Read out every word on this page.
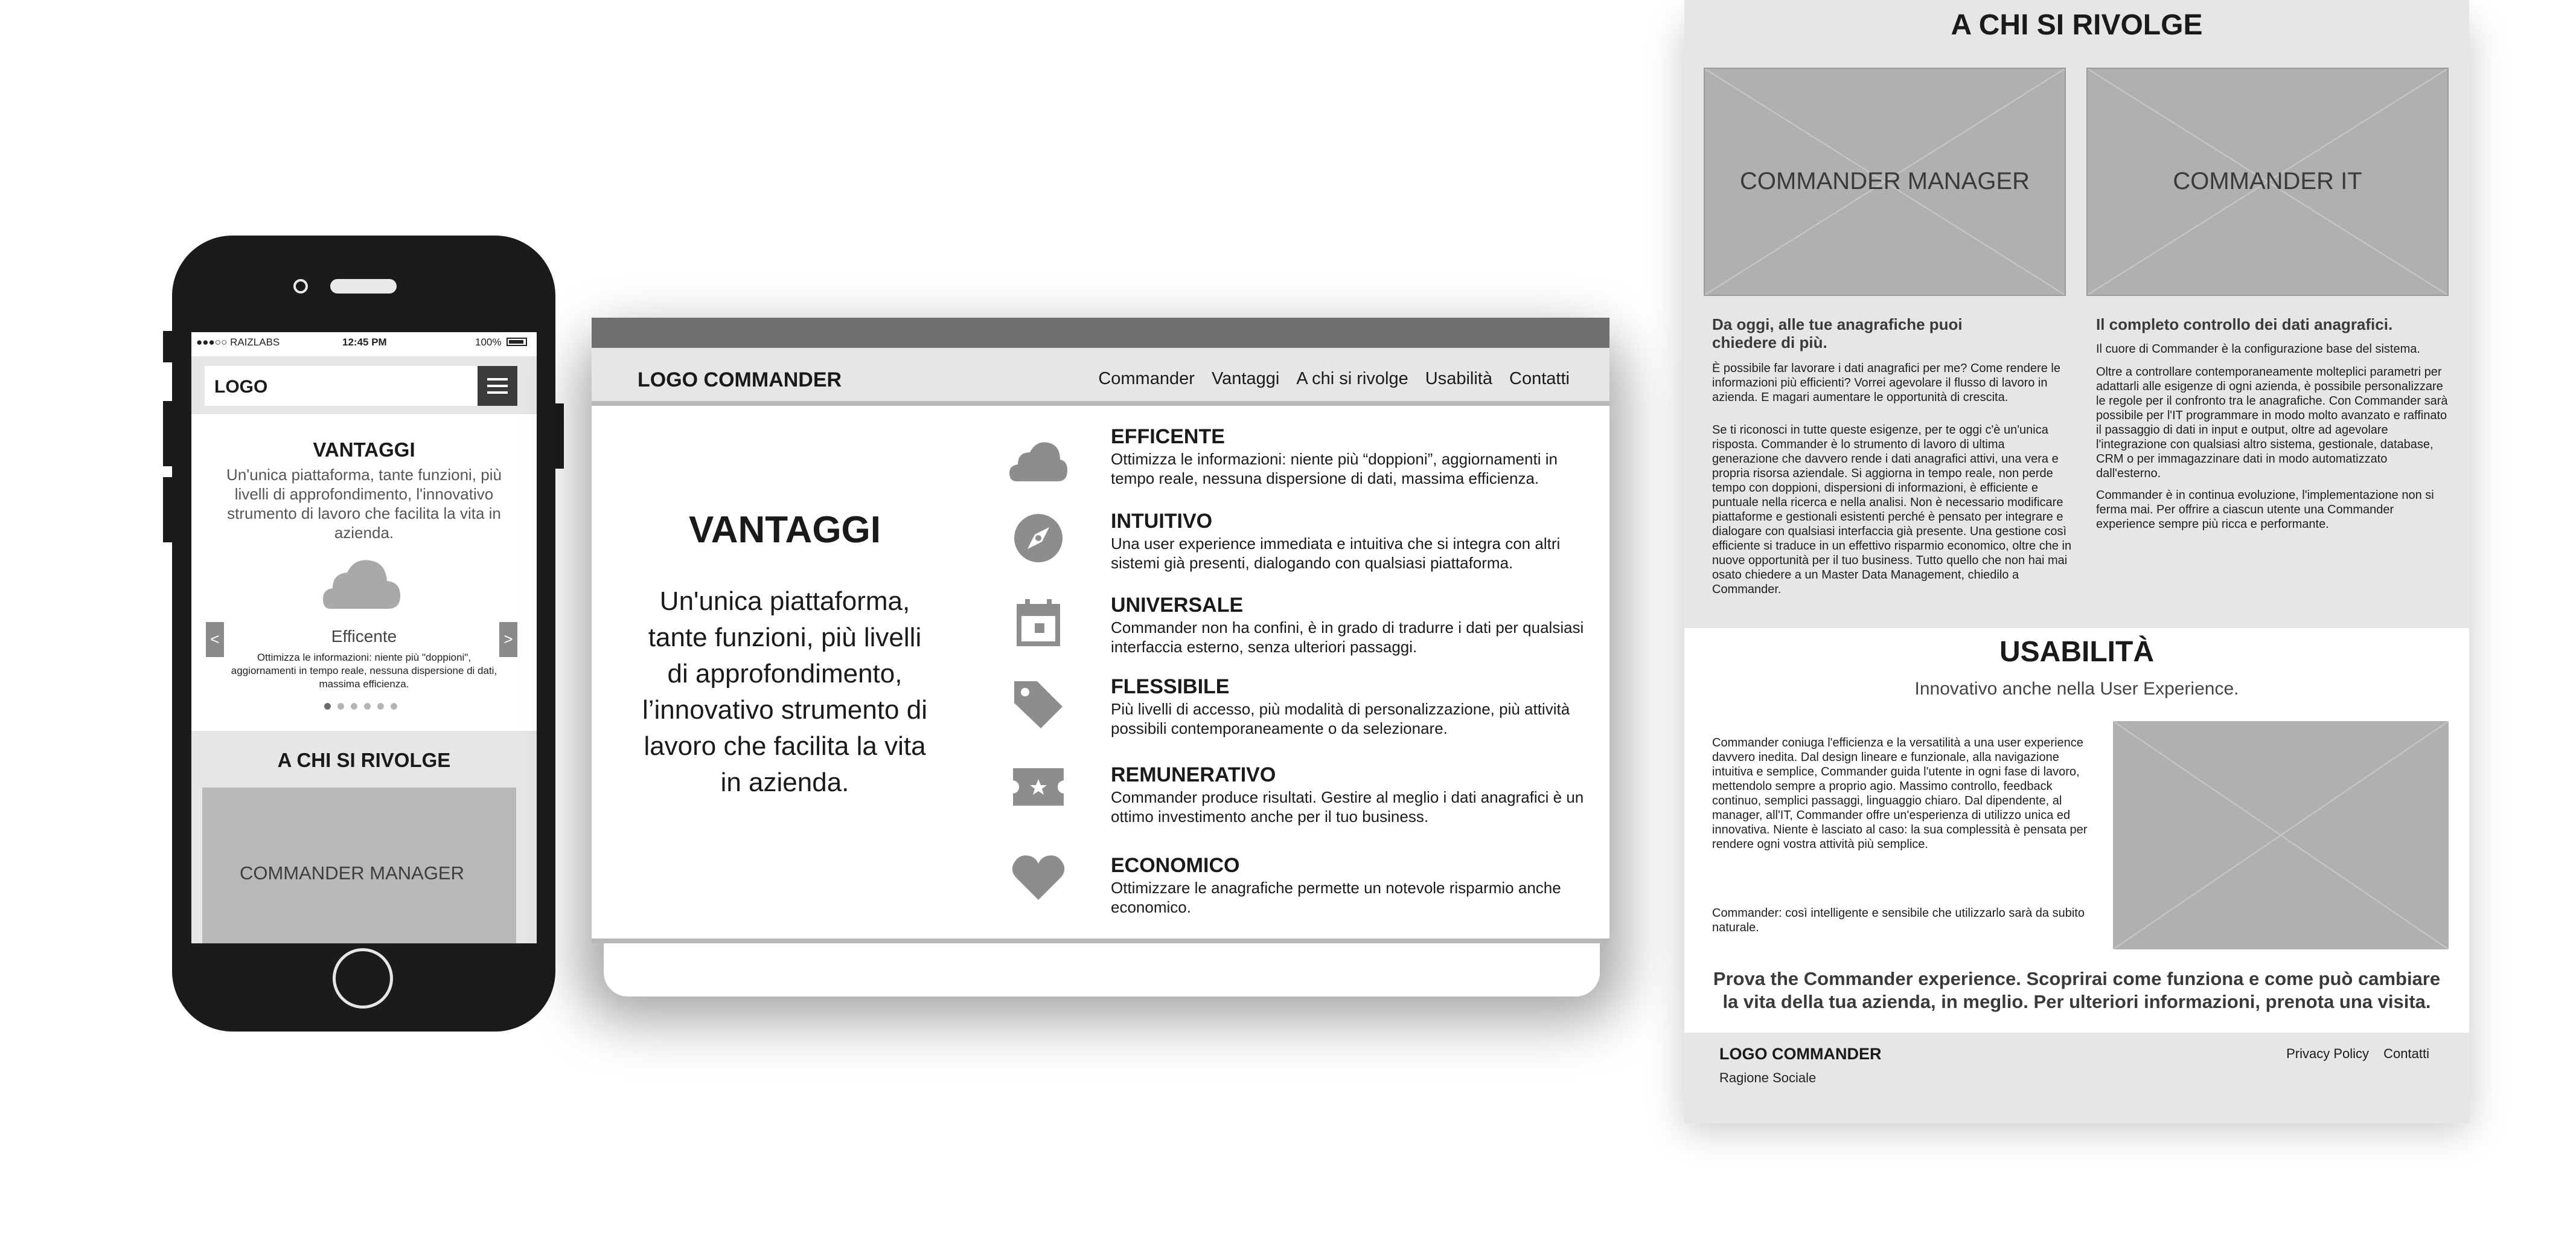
●●●○○ RAIZLABS	12:45 PM	100%
LOGO
VANTAGGI
Un'unica piattaforma, tante funzioni, più livelli di approfondimento, l'innovativo strumento di lavoro che facilita la vita in azienda.
<	>
Efficente
Ottimizza le informazioni: niente più "doppioni", aggiornamenti in tempo reale, nessuna dispersione di dati, massima efficienza.
A CHI SI RIVOLGE
COMMANDER MANAGER
LOGO COMMANDER	Commander Vantaggi A chi si rivolge Usabilità Contatti
VANTAGGI
Un'unica piattaforma, tante funzioni, più livelli di approfondimento, l’innovativo strumento di lavoro che facilita la vita in azienda.
EFFICENTE
Ottimizza le informazioni: niente più “doppioni”, aggiornamenti in tempo reale, nessuna dispersione di dati, massima efficienza.
INTUITIVO
Una user experience immediata e intuitiva che si integra con altri sistemi già presenti, dialogando con qualsiasi piattaforma.
UNIVERSALE
Commander non ha confini, è in grado di tradurre i dati per qualsiasi interfaccia esterno, senza ulteriori passaggi.
FLESSIBILE
Più livelli di accesso, più modalità di personalizzazione, più attività possibili contemporaneamente o da selezionare.
REMUNERATIVO
Commander produce risultati. Gestire al meglio i dati anagrafici è un ottimo investimento anche per il tuo business.
ECONOMICO
Ottimizzare le anagrafiche permette un notevole risparmio anche economico.
A CHI SI RIVOLGE
COMMANDER MANAGER	COMMANDER IT
Da oggi, alle tue anagrafiche puoi chiedere di più.
È possibile far lavorare i dati anagrafici per me? Come rendere le informazioni più efficienti? Vorrei agevolare il flusso di lavoro in azienda. E magari aumentare le opportunità di crescita.
Se ti riconosci in tutte queste esigenze, per te oggi c'è un'unica risposta. Commander è lo strumento di lavoro di ultima generazione che davvero rende i dati anagrafici attivi, una vera e propria risorsa aziendale. Si aggiorna in tempo reale, non perde tempo con doppioni, dispersioni di informazioni, è efficiente e puntuale nella ricerca e nella analisi. Non è necessario modificare piattaforme e gestionali esistenti perché è pensato per integrare e dialogare con qualsiasi interfaccia già presente. Una gestione così efficiente si traduce in un effettivo risparmio economico, oltre che in nuove opportunità per il tuo business. Tutto quello che non hai mai osato chiedere a un Master Data Management, chiedilo a Commander.
Il completo controllo dei dati anagrafici.
Il cuore di Commander è la configurazione base del sistema.
Oltre a controllare contemporaneamente molteplici parametri per adattarli alle esigenze di ogni azienda, è possibile personalizzare le regole per il confronto tra le anagrafiche. Con Commander sarà possibile per l'IT programmare in modo molto avanzato e raffinato il passaggio di dati in input e output, oltre ad agevolare l'integrazione con qualsiasi altro sistema, gestionale, database, CRM o per immagazzinare dati in modo automatizzato dall'esterno.
Commander è in continua evoluzione, l'implementazione non si ferma mai. Per offrire a ciascun utente una Commander experience sempre più ricca e performante.
USABILITÀ
Innovativo anche nella User Experience.
Commander coniuga l'efficienza e la versatilità a una user experience davvero inedita. Dal design lineare e funzionale, alla navigazione intuitiva e semplice, Commander guida l'utente in ogni fase di lavoro, mettendolo sempre a proprio agio. Massimo controllo, feedback continuo, semplici passaggi, linguaggio chiaro. Dal dipendente, al manager, all'IT, Commander offre un'esperienza di utilizzo unica ed innovativa. Niente è lasciato al caso: la sua complessità è pensata per rendere ogni vostra attività più semplice.
Commander: così intelligente e sensibile che utilizzarlo sarà da subito naturale.
Prova the Commander experience. Scoprirai come funziona e come può cambiare la vita della tua azienda, in meglio. Per ulteriori informazioni, prenota una visita.
LOGO COMMANDER
Ragione Sociale
Privacy Policy Contatti
